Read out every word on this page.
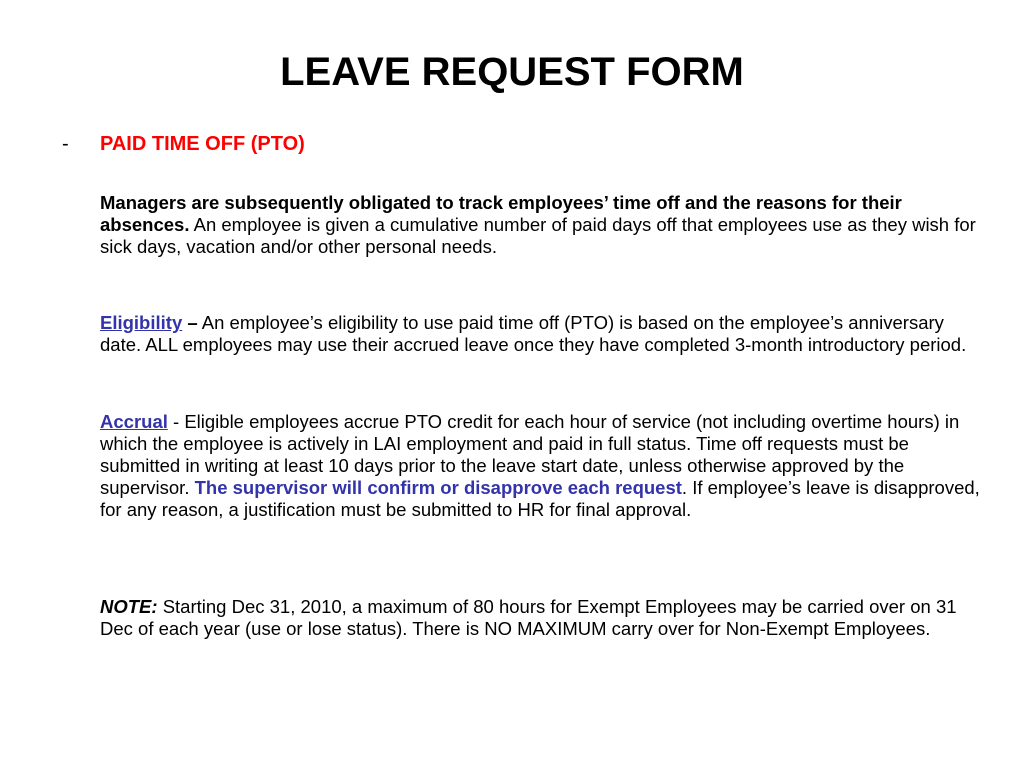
LEAVE REQUEST FORM
- PAID TIME OFF (PTO)
Managers are subsequently obligated to track employees’ time off and the reasons for their absences. An employee is given a cumulative number of paid days off that employees use as they wish for sick days, vacation and/or other personal needs.
Eligibility – An employee’s eligibility to use paid time off (PTO) is based on the employee’s anniversary date. ALL employees may use their accrued leave once they have completed 3-month introductory period.
Accrual - Eligible employees accrue PTO credit for each hour of service (not including overtime hours) in which the employee is actively in LAI employment and paid in full status. Time off requests must be submitted in writing at least 10 days prior to the leave start date, unless otherwise approved by the supervisor. The supervisor will confirm or disapprove each request. If employee’s leave is disapproved, for any reason, a justification must be submitted to HR for final approval.
NOTE: Starting Dec 31, 2010, a maximum of 80 hours for Exempt Employees may be carried over on 31 Dec of each year (use or lose status). There is NO MAXIMUM carry over for Non-Exempt Employees.
